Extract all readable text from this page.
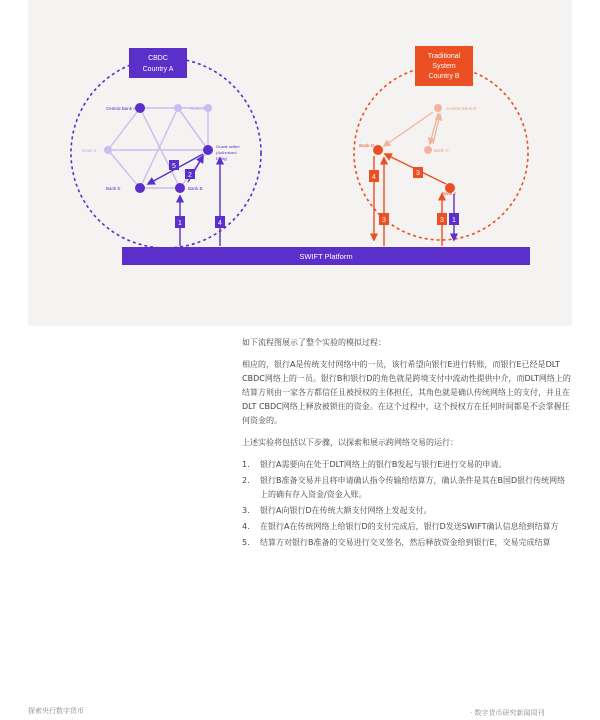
CBDC
Country A
Traditional
System
Country B
Central Bank A	Node 1
Node 2
Oracle settler
(Authorized
Entity)
Bank E	Bank B
5
2
1	4
Central Bank B
Bank C
Bank D
Bank A
3
4
3	3 1
SWIFT Platform

如下流程图展示了整个实验的模拟过程：

相应的，银行A是传统支付网络中的一员，该行希望向银行E进行转账，而银行E已经是DLT CBDC网络上的一员。银行B和银行D的角色就是跨境支付中流动性提供中介，而DLT网络上的结算方则由一家各方都信任且被授权的主体担任，其角色就是确认传统网络上的支付，并且在DLT CBDC网络上释放被锁住的资金。在这个过程中，这个授权方在任何时间都是不会掌握任何资金的。

上述实验将包括以下步骤，以探索和展示跨网络交易的运行：

1. 银行A需要向在处于DLT网络上的银行B发起与银行E进行交易的申请。
2. 银行B准备交易并且将申请确认指令传输给结算方，确认条件是其在B国D银行传统网络上的确有存入资金/资金入账。
3. 银行A向银行D在传统大额支付网络上发起支付。
4. 在银行A在传统网络上给银行D的支付完成后，银行D发送SWIFT确认信息给到结算方
5. 结算方对银行B准备的交易进行交叉签名，然后释放资金给到银行E，交易完成结算
探索央行数字货币	· 数字货币研究新闻周刊
